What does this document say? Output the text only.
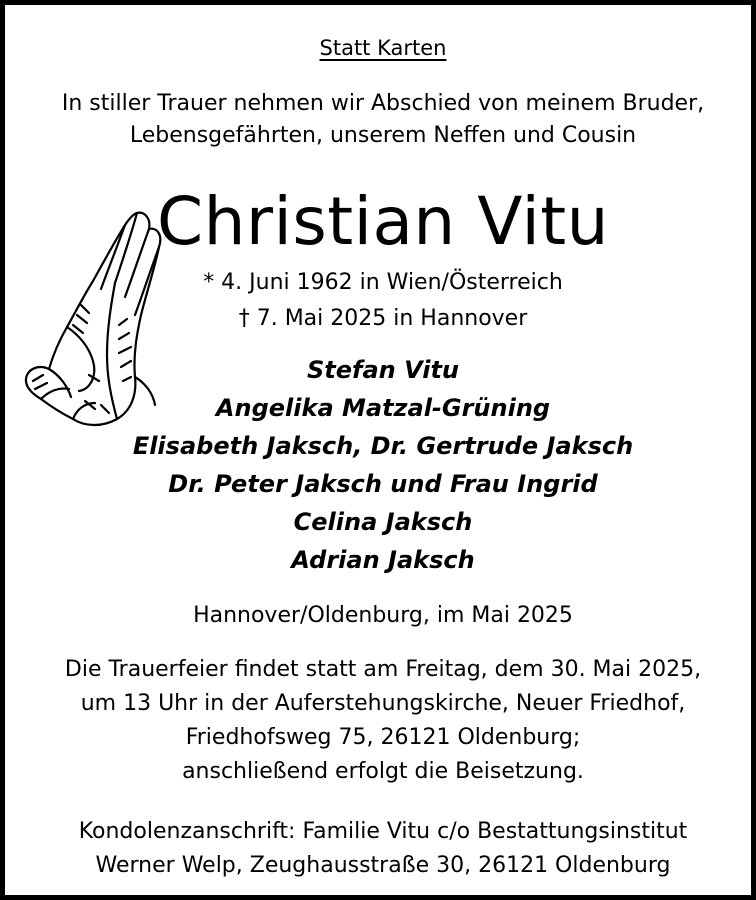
Statt Karten
In stiller Trauer nehmen wir Abschied von meinem Bruder,
Lebensgefährten, unserem Neffen und Cousin
Christian Vitu
* 4. Juni 1962 in Wien/Österreich
† 7. Mai 2025 in Hannover
Stefan Vitu
Angelika Matzal-Grüning
Elisabeth Jaksch, Dr. Gertrude Jaksch
Dr. Peter Jaksch und Frau Ingrid
Celina Jaksch
Adrian Jaksch
Hannover/Oldenburg, im Mai 2025
Die Trauerfeier findet statt am Freitag, dem 30. Mai 2025,
um 13 Uhr in der Auferstehungskirche, Neuer Friedhof,
Friedhofsweg 75, 26121 Oldenburg;
anschließend erfolgt die Beisetzung.
Kondolenzanschrift: Familie Vitu c/o Bestattungsinstitut
Werner Welp, Zeughausstraße 30, 26121 Oldenburg
